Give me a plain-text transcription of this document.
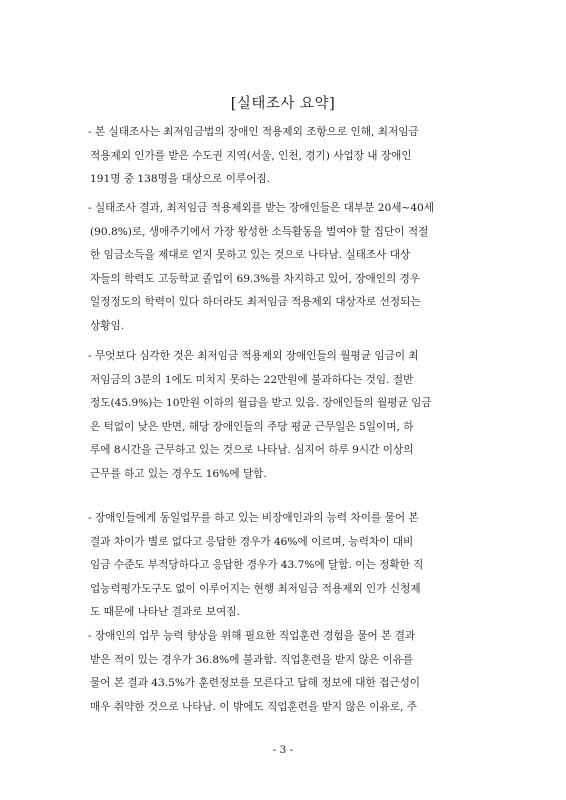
[실태조사 요약]
- 본 실태조사는 최저임금법의 장애인 적용제외 조항으로 인해, 최저임금
적용제외 인가를 받은 수도권 지역(서울, 인천, 경기) 사업장 내 장애인
191명 중 138명을 대상으로 이루어짐.
- 실태조사 결과, 최저임금 적용제외를 받는 장애인들은 대부분 20세~40세
(90.8%)로, 생애주기에서 가장 왕성한 소득활동을 벌여야 할 집단이 적절
한 임금소득을 제대로 얻지 못하고 있는 것으로 나타남. 실태조사 대상
자들의 학력도 고등학교 졸업이 69.3%를 차지하고 있어, 장애인의 경우
일정정도의 학력이 있다 하더라도 최저임금 적용제외 대상자로 선정되는
상황임.
- 무엇보다 심각한 것은 최저임금 적용제외 장애인들의 월평균 임금이 최
저임금의 3분의 1에도 미치지 못하는 22만원에 불과하다는 것임. 절반
정도(45.9%)는 10만원 이하의 월급을 받고 있음. 장애인들의 월평균 임금
은 턱없이 낮은 반면, 해당 장애인들의 주당 평균 근무일은 5일이며, 하
루에 8시간을 근무하고 있는 것으로 나타남. 심지어 하루 9시간 이상의
근무를 하고 있는 경우도 16%에 달함.
- 장애인들에게 동일업무를 하고 있는 비장애인과의 능력 차이를 물어 본
결과 차이가 별로 없다고 응답한 경우가 46%에 이르며, 능력차이 대비
임금 수준도 부적당하다고 응답한 경우가 43.7%에 달함. 이는 정확한 직
업능력평가도구도 없이 이루어지는 현행 최저임금 적용제외 인가 신청제
도 때문에 나타난 결과로 보여짐.
- 장애인의 업무 능력 향상을 위해 필요한 직업훈련 경험을 물어 본 결과
받은 적이 있는 경우가 36.8%에 불과함. 직업훈련을 받지 않은 이유를
물어 본 결과 43.5%가 훈련정보를 모른다고 답해 정보에 대한 접근성이
매우 취약한 것으로 나타남. 이 밖에도 직업훈련을 받지 않은 이유로, 주
- 3 -
